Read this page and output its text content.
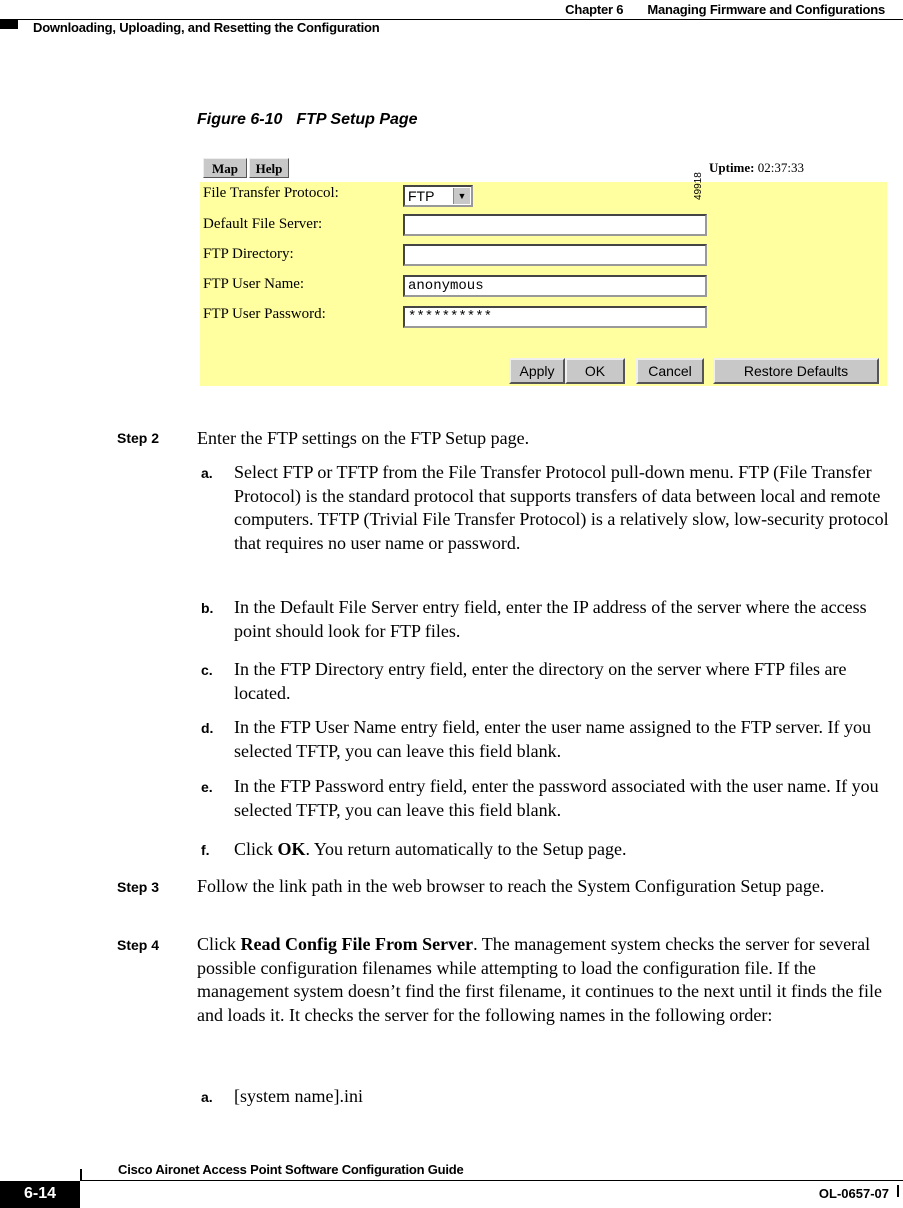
Chapter 6 Managing Firmware and Configurations
Downloading, Uploading, and Resetting the Configuration
Figure 6-10 FTP Setup Page
Map	Help	Uptime: 02:37:33
File Transfer Protocol:	FTP	▼
Default File Server:
FTP Directory:
FTP User Name:	anonymous
FTP User Password:	**********
Apply	OK	Cancel	Restore Defaults
49918
Step 2 Enter the FTP settings on the FTP Setup page.

a. Select FTP or TFTP from the File Transfer Protocol pull-down menu. FTP (File Transfer Protocol) is the standard protocol that supports transfers of data between local and remote computers. TFTP (Trivial File Transfer Protocol) is a relatively slow, low-security protocol that requires no user name or password.

b. In the Default File Server entry field, enter the IP address of the server where the access point should look for FTP files.

c. In the FTP Directory entry field, enter the directory on the server where FTP files are located.

d. In the FTP User Name entry field, enter the user name assigned to the FTP server. If you selected TFTP, you can leave this field blank.

e. In the FTP Password entry field, enter the password associated with the user name. If you selected TFTP, you can leave this field blank.

f. Click OK. You return automatically to the Setup page.

Step 3 Follow the link path in the web browser to reach the System Configuration Setup page.

Step 4 Click Read Config File From Server. The management system checks the server for several possible configuration filenames while attempting to load the configuration file. If the management system doesn’t find the first filename, it continues to the next until it finds the file and loads it. It checks the server for the following names in the following order:

a. [system name].ini

Cisco Aironet Access Point Software Configuration Guide
6-14	OL-0657-07
